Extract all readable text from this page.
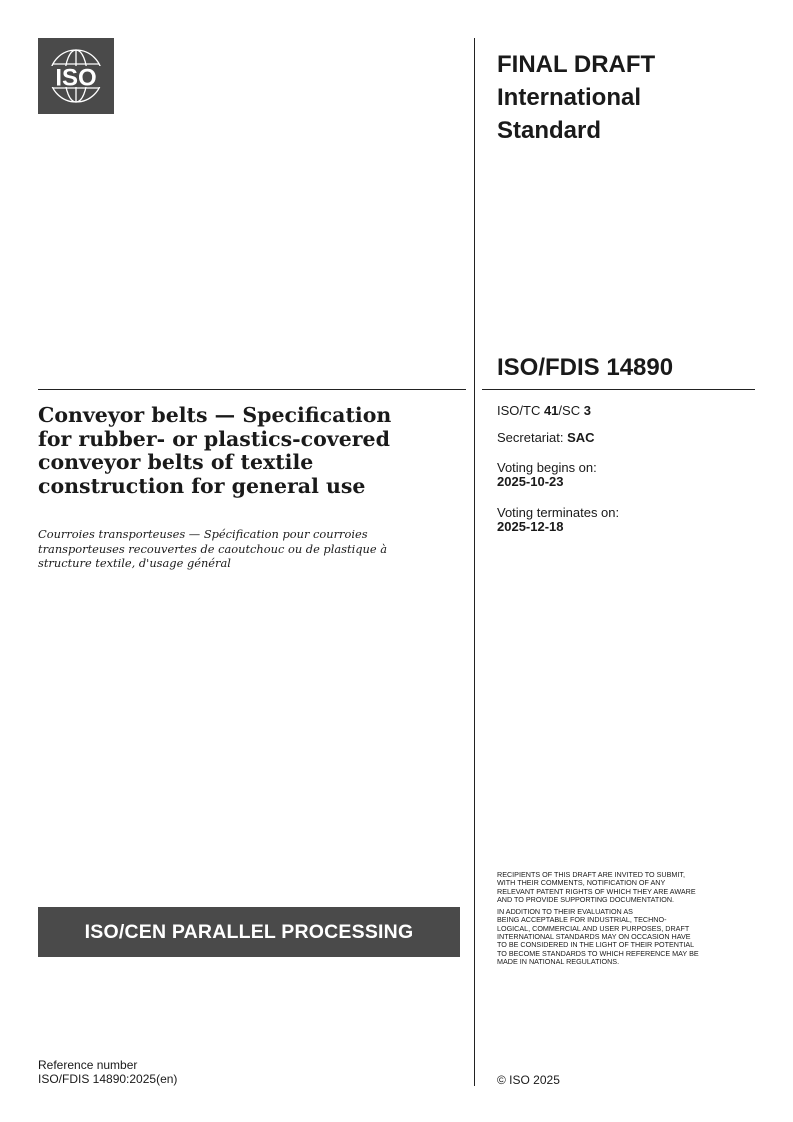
ISO	FINAL DRAFT
International
Standard
ISO/FDIS 14890
ISO/TC 41/SC 3
Secretariat: SAC
Voting begins on:
2025-10-23
Voting terminates on:
2025-12-18
Conveyor belts — Specification
for rubber- or plastics-covered
conveyor belts of textile
construction for general use
Courroies transporteuses — Spécification pour courroies
transporteuses recouvertes de caoutchouc ou de plastique à
structure textile, d'usage général
ISO/CEN PARALLEL PROCESSING

RECIPIENTS OF THIS DRAFT ARE INVITED TO SUBMIT,
WITH THEIR COMMENTS, NOTIFICATION OF ANY
RELEVANT PATENT RIGHTS OF WHICH THEY ARE AWARE
AND TO PROVIDE SUPPORTING DOCUMENTATION.

IN ADDITION TO THEIR EVALUATION AS
BEING ACCEPTABLE FOR INDUSTRIAL, TECHNO-
LOGICAL, COMMERCIAL AND USER PURPOSES, DRAFT
INTERNATIONAL STANDARDS MAY ON OCCASION HAVE
TO BE CONSIDERED IN THE LIGHT OF THEIR POTENTIAL
TO BECOME STANDARDS TO WHICH REFERENCE MAY BE
MADE IN NATIONAL REGULATIONS.

Reference number
ISO/FDIS 14890:2025(en)	© ISO 2025
